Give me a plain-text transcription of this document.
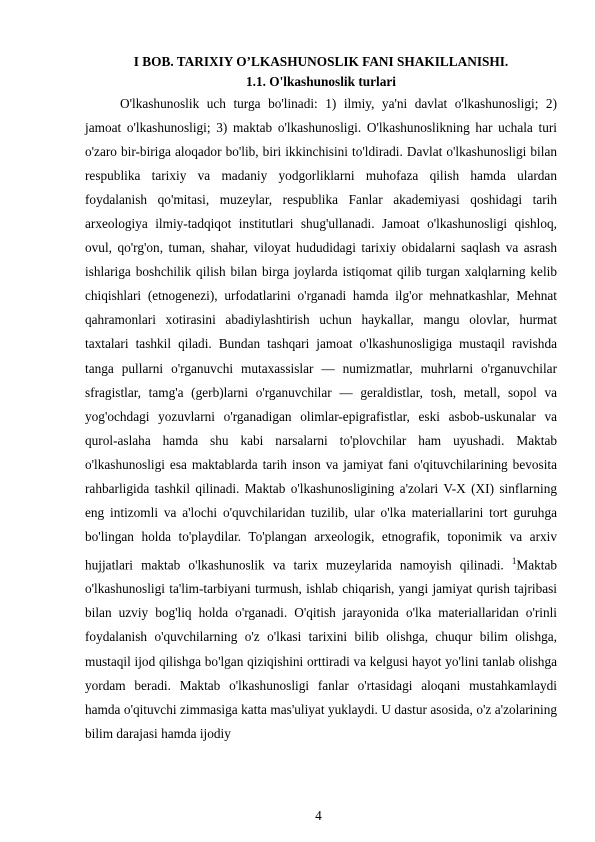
I BOB. TARIXIY O’LKASHUNOSLIK FANI SHAKILLANISHI.
1.1. O'lkashunoslik turlari

O'lkashunoslik uch turga bo'linadi: 1) ilmiy, ya'ni davlat o'lkashunosligi; 2) jamoat o'lkashunosligi; 3) maktab o'lkashunosligi. O'lkashunoslikning har uchala turi o'zaro bir-biriga aloqador bo'lib, biri ikkinchisini to'ldiradi. Davlat o'lkashunosligi bilan respublika tarixiy va madaniy yodgorliklarni muhofaza qilish hamda ulardan foydalanish qo'mitasi, muzeylar, respublika Fanlar akademiyasi qoshidagi tarih arxeologiya ilmiy-tadqiqot institutlari shug'ullanadi. Jamoat o'lkashunosligi qishloq, ovul, qo'rg'on, tuman, shahar, viloyat hududidagi tarixiy obidalarni saqlash va asrash ishlariga boshchilik qilish bilan birga joylarda istiqomat qilib turgan xalqlarning kelib chiqishlari (etnogenezi), urfodatlarini o'rganadi hamda ilg'or mehnatkashlar, Mehnat qahramonlari xotirasini abadiylashtirish uchun haykallar, mangu olovlar, hurmat taxtalari tashkil qiladi. Bundan tashqari jamoat o'lkashunosligiga mustaqil ravishda tanga pullarni o'rganuvchi mutaxassislar — numizmatlar, muhrlarni o'rganuvchilar sfragistlar, tamg'a (gerb)larni o'rganuvchilar — geraldistlar, tosh, metall, sopol va yog'ochdagi yozuvlarni o'rganadigan olimlar-epigrafistlar, eski asbob-uskunalar va qurol-aslaha hamda shu kabi narsalarni to'plovchilar ham uyushadi. Maktab o'lkashunosligi esa maktablarda tarih inson va jamiyat fani o'qituvchilarining bevosita rahbarligida tashkil qilinadi. Maktab o'lkashunosligining a'zolari V-X (XI) sinflarning eng intizomli va a'lochi o'quvchilaridan tuzilib, ular o'lka materiallarini tort guruhga bo'lingan holda to'playdilar. To'plangan arxeologik, etnografik, toponimik va arxiv hujjatlari maktab o'lkashunoslik va tarix muzeylarida namoyish qilinadi. $^1$Maktab o'lkashunosligi ta'lim-tarbiyani turmush, ishlab chiqarish, yangi jamiyat qurish tajribasi bilan uzviy bog'liq holda o'rganadi. O'qitish jarayonida o'lka materiallaridan o'rinli foydalanish o'quvchilarning o'z o'lkasi tarixini bilib olishga, chuqur bilim olishga, mustaqil ijod qilishga bo'lgan qiziqishini orttiradi va kelgusi hayot yo'lini tanlab olishga yordam beradi. Maktab o'lkashunosligi fanlar o'rtasidagi aloqani mustahkamlaydi hamda o'qituvchi zimmasiga katta mas'uliyat yuklaydi. U dastur asosida, o'z a'zolarining bilim darajasi hamda ijodiy

4
